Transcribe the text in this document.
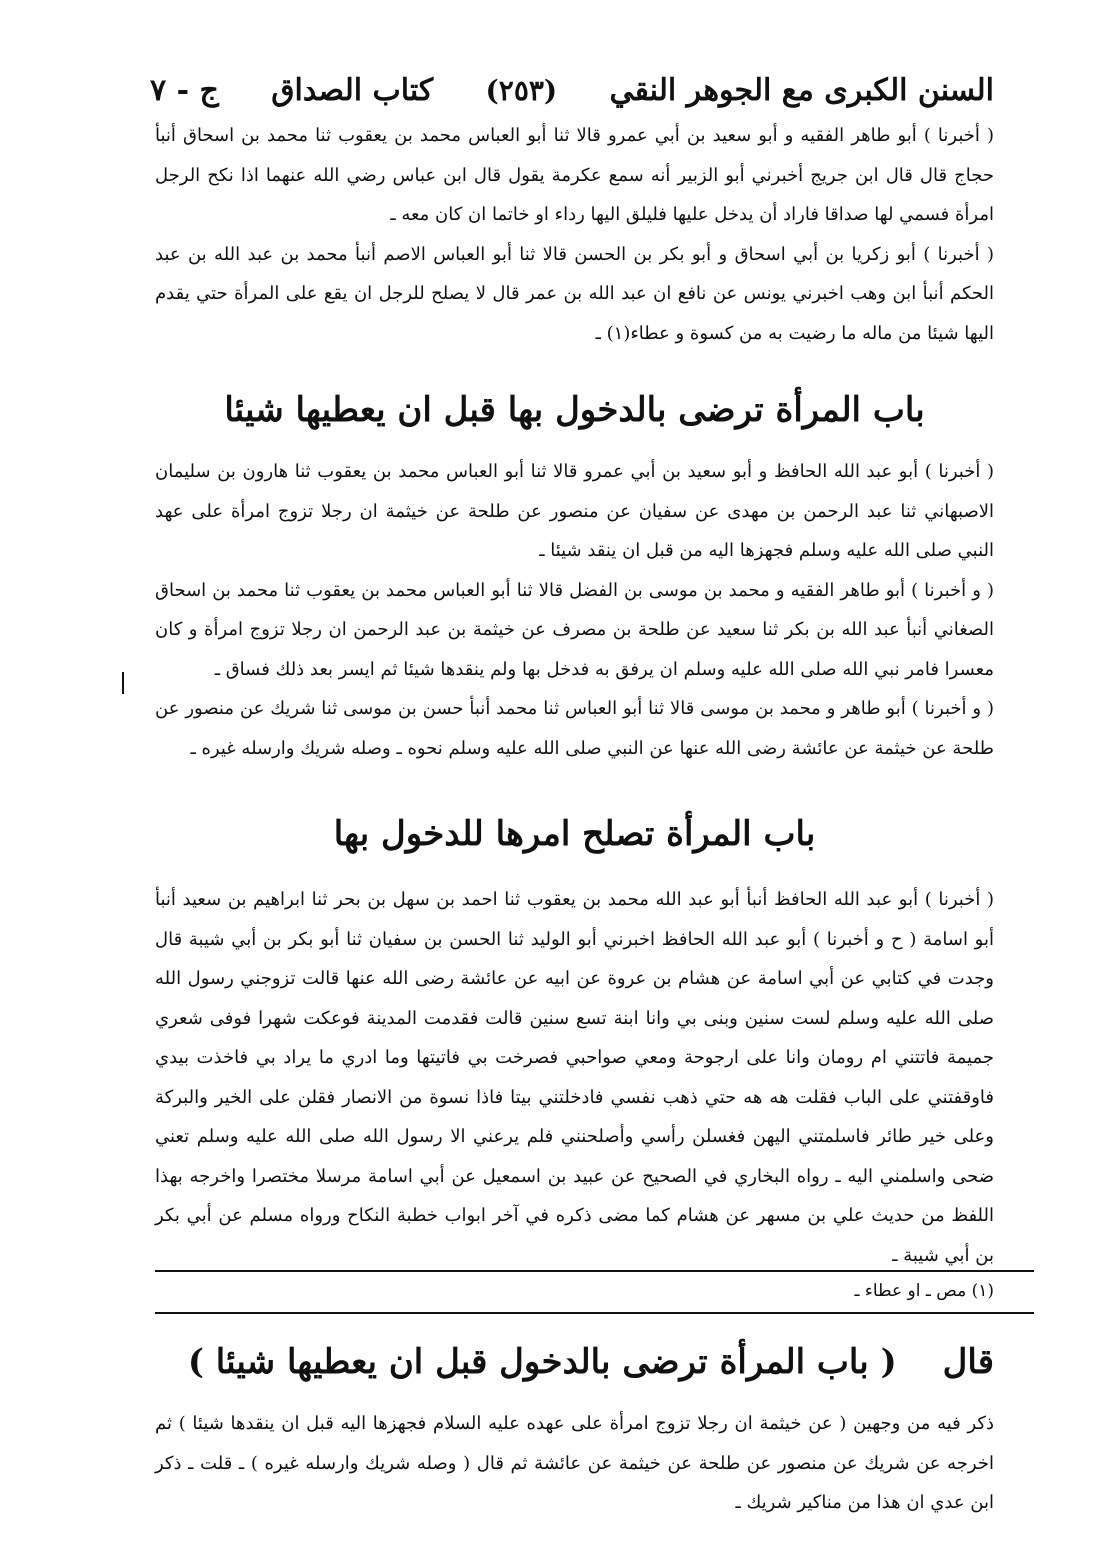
السنن الكبرى مع الجوهر النقي
(٢٥٣)
كتاب الصداق
ج - ٧

( أخبرنا ) أبو طاهر الفقيه و أبو سعيد بن أبي عمرو قالا ثنا أبو العباس محمد بن يعقوب ثنا محمد بن اسحاق أنبأ حجاج قال قال ابن جريج أخبرني أبو الزبير أنه سمع عكرمة يقول قال ابن عباس رضي الله عنهما اذا نكح الرجل امرأة فسمي لها صداقا فاراد أن يدخل عليها فليلق اليها رداء او خاتما ان كان معه ـ

( أخبرنا ) أبو زكريا بن أبي اسحاق و أبو بكر بن الحسن قالا ثنا أبو العباس الاصم أنبأ محمد بن عبد الله بن عبد الحكم أنبأ ابن وهب اخبرني يونس عن نافع ان عبد الله بن عمر قال لا يصلح للرجل ان يقع على المرأة حتي يقدم اليها شيئا من ماله ما رضيت به من كسوة و عطاء(١) ـ

باب المرأة ترضى بالدخول بها قبل ان يعطيها شيئا

( أخبرنا ) أبو عبد الله الحافظ و أبو سعيد بن أبي عمرو قالا ثنا أبو العباس محمد بن يعقوب ثنا هارون بن سليمان الاصبهاني ثنا عبد الرحمن بن مهدى عن سفيان عن منصور عن طلحة عن خيثمة ان رجلا تزوج امرأة على عهد النبي صلى الله عليه وسلم فجهزها اليه من قبل ان ينقد شيئا ـ

( و أخبرنا ) أبو طاهر الفقيه و محمد بن موسى بن الفضل قالا ثنا أبو العباس محمد بن يعقوب ثنا محمد بن اسحاق الصغاني أنبأ عبد الله بن بكر ثنا سعيد عن طلحة بن مصرف عن خيثمة بن عبد الرحمن ان رجلا تزوج امرأة و كان معسرا فامر نبي الله صلى الله عليه وسلم ان يرفق به فدخل بها ولم ينقدها شيئا ثم ايسر بعد ذلك فساق ـ

( و أخبرنا ) أبو طاهر و محمد بن موسى قالا ثنا أبو العباس ثنا محمد أنبأ حسن بن موسى ثنا شريك عن منصور عن طلحة عن خيثمة عن عائشة رضى الله عنها عن النبي صلى الله عليه وسلم نحوه ـ وصله شريك وارسله غيره ـ

باب المرأة تصلح امرها للدخول بها

( أخبرنا ) أبو عبد الله الحافظ أنبأ أبو عبد الله محمد بن يعقوب ثنا احمد بن سهل بن بحر ثنا ابراهيم بن سعيد أنبأ أبو اسامة ( ح و أخبرنا ) أبو عبد الله الحافظ اخبرني أبو الوليد ثنا الحسن بن سفيان ثنا أبو بكر بن أبي شيبة قال وجدت في كتابي عن أبي اسامة عن هشام بن عروة عن ابيه عن عائشة رضى الله عنها قالت تزوجني رسول الله صلى الله عليه وسلم لست سنين وبنى بي وانا ابنة تسع سنين قالت فقدمت المدينة فوعكت شهرا فوفى شعري جميمة فاتتني ام رومان وانا على ارجوحة ومعي صواحبي فصرخت بي فاتيتها وما ادري ما يراد بي فاخذت بيدي فاوقفتني على الباب فقلت هه هه حتي ذهب نفسي فادخلتني بيتا فاذا نسوة من الانصار فقلن على الخير والبركة وعلى خير طائر فاسلمتني اليهن فغسلن رأسي وأصلحنني فلم يرعني الا رسول الله صلى الله عليه وسلم تعني ضحى واسلمني اليه ـ رواه البخاري في الصحيح عن عبيد بن اسمعيل عن أبي اسامة مرسلا مختصرا واخرجه بهذا اللفظ من حديث علي بن مسهر عن هشام كما مضى ذكره في آخر ابواب خطبة النكاح ورواه مسلم عن أبي بكر بن أبي شيبة ـ

(١) مص ـ او عطاء ـ
قال
( باب المرأة ترضى بالدخول قبل ان يعطيها شيئا )

ذكر فيه من وجهين ( عن خيثمة ان رجلا تزوج امرأة على عهده عليه السلام فجهزها اليه قبل ان ينقدها شيئا ) ثم اخرجه عن شريك عن منصور عن طلحة عن خيثمة عن عائشة ثم قال ( وصله شريك وارسله غيره ) ـ قلت ـ ذكر ابن عدي ان هذا من مناكير شريك ـ
